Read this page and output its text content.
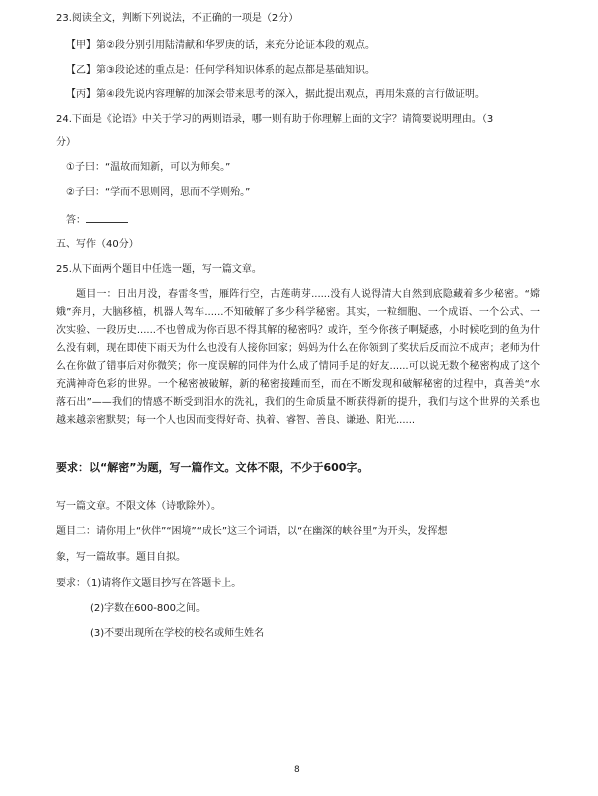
23.阅读全文，判断下列说法，不正确的一项是（2分）
【甲】第②段分别引用陆清献和华罗庚的话，来充分论证本段的观点。
【乙】第③段论述的重点是：任何学科知识体系的起点都是基础知识。
【丙】第④段先说内容理解的加深会带来思考的深入，据此提出观点，再用朱熹的言行做证明。
24.下面是《论语》中关于学习的两则语录，哪一则有助于你理解上面的文字？请简要说明理由。（3
分）
①子曰：“温故而知新，可以为师矣。”
②子曰：“学而不思则罔，思而不学则殆。”
答：
五、写作（40分）
25.从下面两个题目中任选一题，写一篇文章。
题目一：日出月没，春雷冬雪，雁阵行空，古莲萌芽......没有人说得清大自然到底隐藏着多少秘密。“嫦娥”奔月，大脑移植，机器人驾车......不知破解了多少科学秘密。其实，一粒细胞、一个成语、一个公式、一次实验、一段历史......不也曾成为你百思不得其解的秘密吗？或许，至今你孩子啊疑惑，小时候吃到的鱼为什么没有刺，现在即使下雨天为什么也没有人接你回家；妈妈为什么在你领到了奖状后反而泣不成声；老师为什么在你做了错事后对你微笑；你一度误解的同伴为什么成了情同手足的好友......可以说无数个秘密构成了这个充满神奇色彩的世界。一个秘密被破解，新的秘密接踵而至，而在不断发现和破解秘密的过程中，真善美“水落石出”——我们的情感不断受到泪水的洗礼，我们的生命质量不断获得新的提升，我们与这个世界的关系也越来越亲密默契；每一个人也因而变得好奇、执着、睿智、善良、谦逊、阳光......
要求：以“解密”为题，写一篇作文。文体不限，不少于600字。
写一篇文章。不限文体（诗歌除外）。
题目二：请你用上“伙伴”“困境”“成长”这三个词语，以“在幽深的峡谷里”为开头，发挥想
象，写一篇故事。题目自拟。
要求：（1)请将作文题目抄写在答题卡上。
(2)字数在600-800之间。
(3)不要出现所在学校的校名或师生姓名
8
